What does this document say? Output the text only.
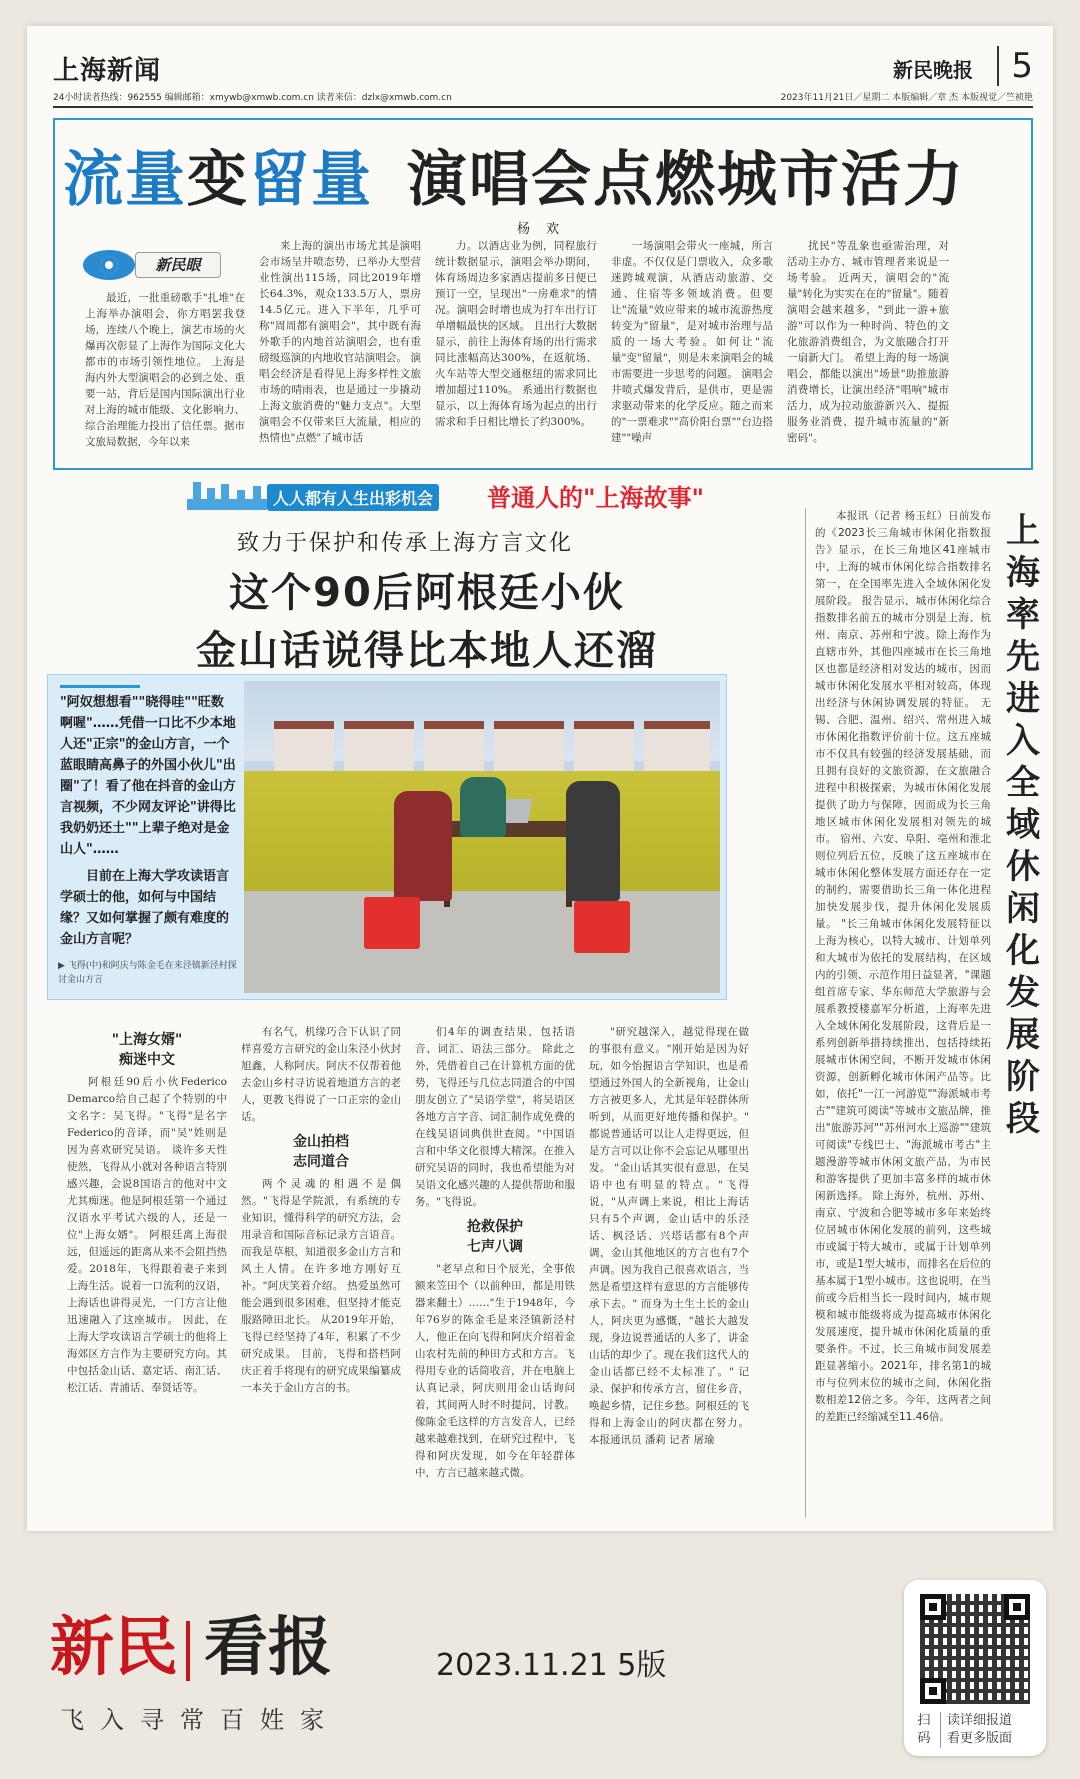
上海新闻	新民晚报	5
24小时读者热线：962555 编辑邮箱：xmywb@xmwb.com.cn 读者来信：dzlx@xmwb.com.cn	2023年11月21日／星期二 本版编辑／章 杰 本版视觉／竺祯艳
流量变留量 演唱会点燃城市活力
杨 欢
新民眼

最近，一批重磅歌手"扎堆"在上海举办演唱会，你方唱罢我登场，连续八个晚上，演艺市场的火爆再次彰显了上海作为国际文化大都市的市场引领性地位。 上海是海内外大型演唱会的必到之处、重要一站，背后是国内国际演出行业对上海的城市能级、文化影响力、综合治理能力投出了信任票。据市文旅局数据，今年以来

来上海的演出市场尤其是演唱会市场呈井喷态势，已举办大型营业性演出115场，同比2019年增长64.3%，观众133.5万人，票房14.5亿元。进入下半年，几乎可称"周周都有演唱会"，其中既有海外歌手的内地首站演唱会，也有重磅级巡演的内地收官站演唱会。 演唱会经济是看得见上海多样性文旅市场的晴雨表，也是通过一步撬动上海文旅消费的"魅力支点"。大型演唱会不仅带来巨大流量，相应的热情也"点燃"了城市活

力。以酒店业为例，同程旅行统计数据显示，演唱会举办期间，体育场周边多家酒店提前多日便已预订一空，呈现出"一房难求"的情况。演唱会时增也成为打车出行订单增幅最快的区域。 且出行大数据显示，前往上海体育场的出行需求同比涨幅高达300%，在返航场、火车站等大型交通枢纽的需求同比增加超过110%。 系通出行数据也显示，以上海体育场为起点的出行需求和手日相比增长了约300%。

一场演唱会带火一座城，所言非虚。不仅仅是门票收入，众多歌迷跨城观演，从酒店动旅游、交通、住宿等多领域消费。但要让"流量"效应带来的城市流游热度转变为"留量"，是对城市治理与品质的一场大考验。如何让"流量"变"留量"，则是未来演唱会的城市需要进一步思考的问题。 演唱会井喷式爆发背后，是供市，更是需求驱动带来的化学反应。随之而来的"一票难求""高价阳台票""台边搭建""噪声

扰民"等乱象也亟需治理，对活动主办方、城市管理者来说是一场考验。 近两天，演唱会的"流量"转化为实实在在的"留量"。随着演唱会越来越多，"到此一游+旅游"可以作为一种时尚、特色的文化旅游消费组合，为文旅融合打开一扇新大门。 希望上海的每一场演唱会，都能以演出"场景"助推旅游消费增长，让演出经济"唱响"城市活力，成为拉动旅游新兴入、提振服务业消费、提升城市流量的"新密码"。

人人都有人生出彩机会 普通人的"上海故事"
致力于保护和传承上海方言文化
这个90后阿根廷小伙
金山话说得比本地人还溜

"阿奴想想看""晓得哇""旺数啊喔"……凭借一口比不少本地人还"正宗"的金山方言，一个蓝眼睛高鼻子的外国小伙儿"出圈"了！看了他在抖音的金山方言视频，不少网友评论"讲得比我奶奶还土""上辈子绝对是金山人"……

目前在上海大学攻读语言学硕士的他，如何与中国结缘？又如何掌握了颇有难度的金山方言呢？

▶ 飞得(中)和阿庆与陈金毛在来泾镇新泾村探讨金山方言
"上海女婿"
痴迷中文

阿根廷90后小伙Federico Demarco给自己起了个特别的中文名字：吴飞得。"飞得"是名字Federico的音译，而"吴"姓则是因为喜欢研究吴语。 谈许多天性使然，飞得从小就对各种语言特别感兴趣，会说8国语言的他对中文尤其痴迷。他是阿根廷第一个通过汉语水平考试六级的人，还是一位"上海女婿"。 阿根廷离上海很远，但遥远的距离从来不会阻挡热爱。2018年，飞得跟着妻子来到上海生活。说着一口流利的汉语，上海话也讲得灵光，一门方言让他迅速融入了这座城市。 因此，在上海大学攻读语言学硕士的他将上海郊区方言作为主要研究方向。其中包括金山话、嘉定话、南汇话、松江话、青浦话、奉贤话等。

有名气，机缘巧合下认识了同样喜爱方言研究的金山朱泾小伙封旭鑫，人称阿庆。阿庆不仅帮着他去金山乡村寻访说着地道方言的老人，更教飞得说了一口正宗的金山话。

金山拍档
志同道合

两个灵魂的相遇不是偶然。"飞得是学院派，有系统的专业知识，懂得科学的研究方法，会用录音和国际音标记录方言语音。而我是草根，知道很多金山方言和风土人情。在许多地方刚好互补。"阿庆笑着介绍。 热爱虽然可能会遇到很多困难，但坚持才能克服路障田北长。 从2019年开始，飞得已经坚持了4年，积累了不少研究成果。 目前，飞得和搭档阿庆正着手将现有的研究成果编纂成一本关于金山方言的书。

们4年的调查结果，包括语音、词汇、语法三部分。 除此之外，凭借着自己在计算机方面的优势，飞得还与几位志同道合的中国朋友创立了"吴语学堂"，将吴语区各地方言字音、词汇制作成免费的在线吴语词典供世查阅。"中国语言和中华文化很博大精深。在推入研究吴语的同时，我也希望能为对吴语文化感兴趣的人提供帮助和服务。"飞得说。

抢救保护
七声八调

"老早点和日个辰光，全事侬额来笠田个（以前种田，都是用铁器来翻土）……"生于1948年，今年76岁的陈金毛是来泾镇新泾村人，他正在向飞得和阿庆介绍着金山农村先前的种田方式和方言。飞得用专业的话筒收音，并在电脑上认真记录，阿庆则用金山话询问着，其间两人时不时提问，讨教。 像陈金毛这样的方言发音人，已经越来越难找到，在研究过程中，飞得和阿庆发现，如今在年轻群体中，方言已越来越式微。

"研究越深入，越觉得现在做的事很有意义。"刚开始是因为好玩，如今怡握语言学知识，也是希望通过外国人的全新视角，让金山方言被更多人，尤其是年轻群体所听到，从而更好地传播和保护。" 都说普通话可以让人走得更远，但是方言可以让你不会忘记从哪里出发。 "金山话其实很有意思，在吴语中也有明显的特点。"飞得说，"从声调上来说，相比上海话只有5个声调，金山话中的乐泾话、枫泾话、兴塔话都有8个声调，金山其他地区的方言也有7个声调。因为我自己很喜欢语言，当然是希望这样有意思的方言能够传承下去。" 而身为土生土长的金山人，阿庆更为感慨，"越长大越发现，身边说普通话的人多了，讲金山话的却少了。现在我们这代人的金山话都已经不太标准了。" 记录、保护和传承方言，留住乡音，唤起乡情，记住乡愁。阿根廷的飞得和上海金山的阿庆都在努力。 本报通讯员 潘莉 记者 屠瑜

上海率先进入全域休闲化发展阶段

本报讯（记者 杨玉红）日前发布的《2023长三角城市休闲化指数报告》显示，在长三角地区41座城市中，上海的城市休闲化综合指数排名第一，在全国率先进入全域休闲化发展阶段。 报告显示，城市休闲化综合指数排名前五的城市分别是上海、杭州、南京、苏州和宁波。除上海作为直辖市外，其他四座城市在长三角地区也都是经济相对发达的城市，因而城市休闲化发展水平相对较高，体现出经济与休闲协调发展的特征。 无锡、合肥、温州、绍兴、常州进入城市休闲化指数评价前十位。这五座城市不仅具有较强的经济发展基础，而且拥有良好的文旅资源，在文旅融合进程中积极探索，为城市休闲化发展提供了助力与保障，因而成为长三角地区城市休闲化发展相对领先的城市。 宿州、六安、阜阳、亳州和淮北则位列后五位，反映了这五座城市在城市休闲化整体发展方面还存在一定的制约，需要借助长三角一体化进程加快发展步伐，提升休闲化发展质量。 "长三角城市休闲化发展特征以上海为核心，以特大城市、计划单列和大城市为依托的发展结构，在区域内的引领、示范作用日益显著，"课题组首席专家、华东师范大学旅游与会展系教授楼嘉军分析道，上海率先进入全域休闲化发展阶段，这背后是一系列创新举措持续推出，包括持续拓展城市休闲空间，不断开发城市休闲资源，创新孵化城市休闲产品等。比如，依托"一江一河游览""海派城市考古""建筑可阅读"等城市文旅品牌，推出"旅游苏河""苏州河水上巡游""建筑可阅读"专线巴士、"海派城市考古"主题漫游等城市休闲文旅产品，为市民和游客提供了更加丰富多样的城市休闲新选择。 除上海外，杭州、苏州、南京、宁波和合肥等城市多年来始终位居城市休闲化发展的前列，这些城市或属于特大城市，或属于计划单列市，或是1型大城市，而排名在后位的基本属于1型小城市。这也说明，在当前或今后相当长一段时间内，城市规模和城市能级将成为提高城市休闲化发展速度，提升城市休闲化质量的重要条件。不过，长三角城市间发展差距显著缩小。2021年，排名第1的城市与位列末位的城市之间，休闲化指数相差12倍之多。今年，这两者之间的差距已经缩减至11.46倍。

新民 看报	2023.11.21 5版
飞入寻常百姓家	扫码
读详细报道
看更多版面
